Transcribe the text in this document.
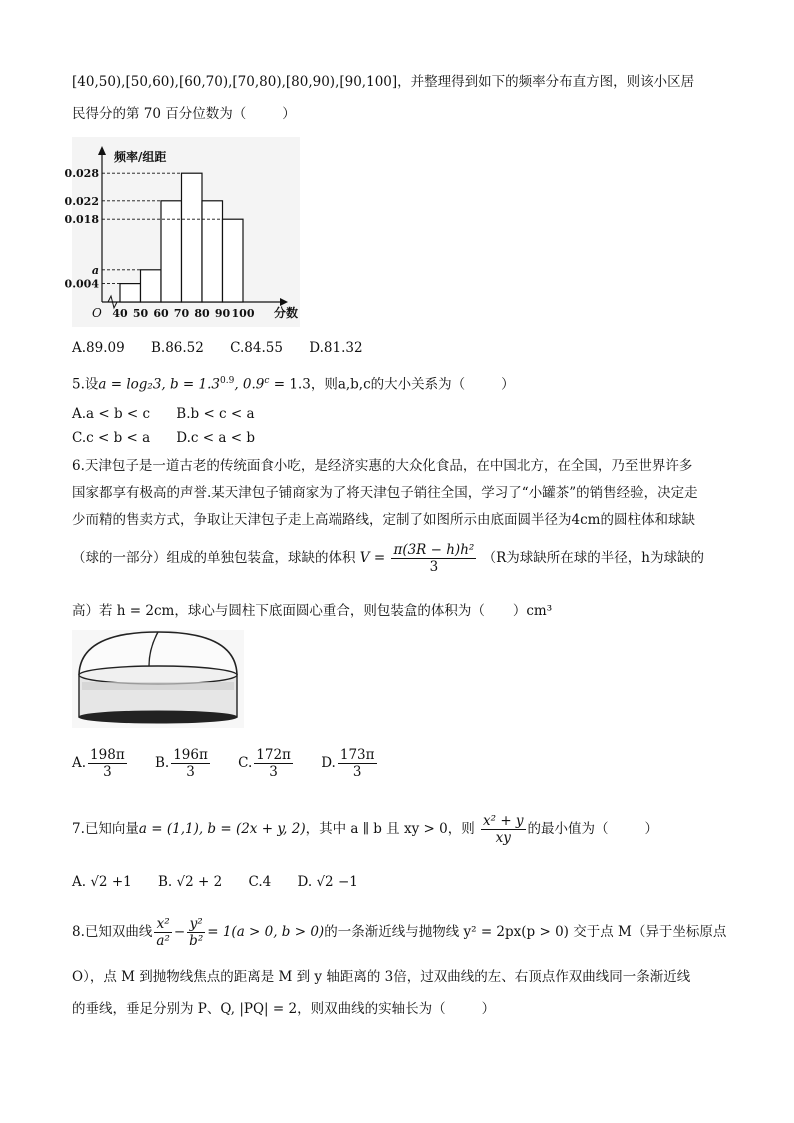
[40,50),[50,60),[60,70),[70,80),[80,90),[90,100]，并整理得到如下的频率分布直方图，则该小区居
民得分的第 70 百分位数为（	）
频率/组距
O
0.028
0.022
0.018
a
0.004
40 50 60 70 80 90 100 分数
A.89.09 B.86.52 C.84.55 D.81.32
5.设a = log₂3, $b = 1.3^{0.9}$, 0.9$^c$ = 1.3，则a,b,c的大小关系为（	）
A.a < b < c B.b < c < a
C.c < b < a D.c < a < b
6.天津包子是一道古老的传统面食小吃，是经济实惠的大众化食品，在中国北方，在全国，乃至世界许多
国家都享有极高的声誉.某天津包子铺商家为了将天津包子销往全国，学习了“小罐茶”的销售经验，决定走
少而精的售卖方式，争取让天津包子走上高端路线，定制了如图所示由底面圆半径为4cm的圆柱体和球缺
（球的一部分）组成的单独包装盒，球缺的体积 $V = \frac{\text{π(3R − h)h²}}{3} (R$为球缺所在球的半径，h为球缺的
高）若 h = 2cm，球心与圆柱下底面圆心重合，则包装盒的体积为（ ）cm³
A. $\frac{198\pi}{3} B$. $\frac{196\pi}{3} C$. $\frac{172\pi}{3} D$. $\frac{173\pi}{3}$
7.已知向量a = (1,1), b = (2x + y, 2)，其中 a ∥ b 且 xy > 0，则 $\frac{\text{x² + y}}{xy}$ 的最小值为（	）
A. √2 +1 B. √2 + 2 C.4 D. √2 −1
8.已知双曲线 $\frac{\text{x²}}{\text{a²}} - \frac{\text{y²}}{\text{b²}} = 1(a > 0$, b > 0)的一条渐近线与抛物线 y² = 2px(p > 0) 交于点 M（异于坐标原点
O），点 M 到抛物线焦点的距离是 M 到 y 轴距离的 3倍，过双曲线的左、右顶点作双曲线同一条渐近线
的垂线，垂足分别为 P、Q, |PQ| = 2，则双曲线的实轴长为（	）
